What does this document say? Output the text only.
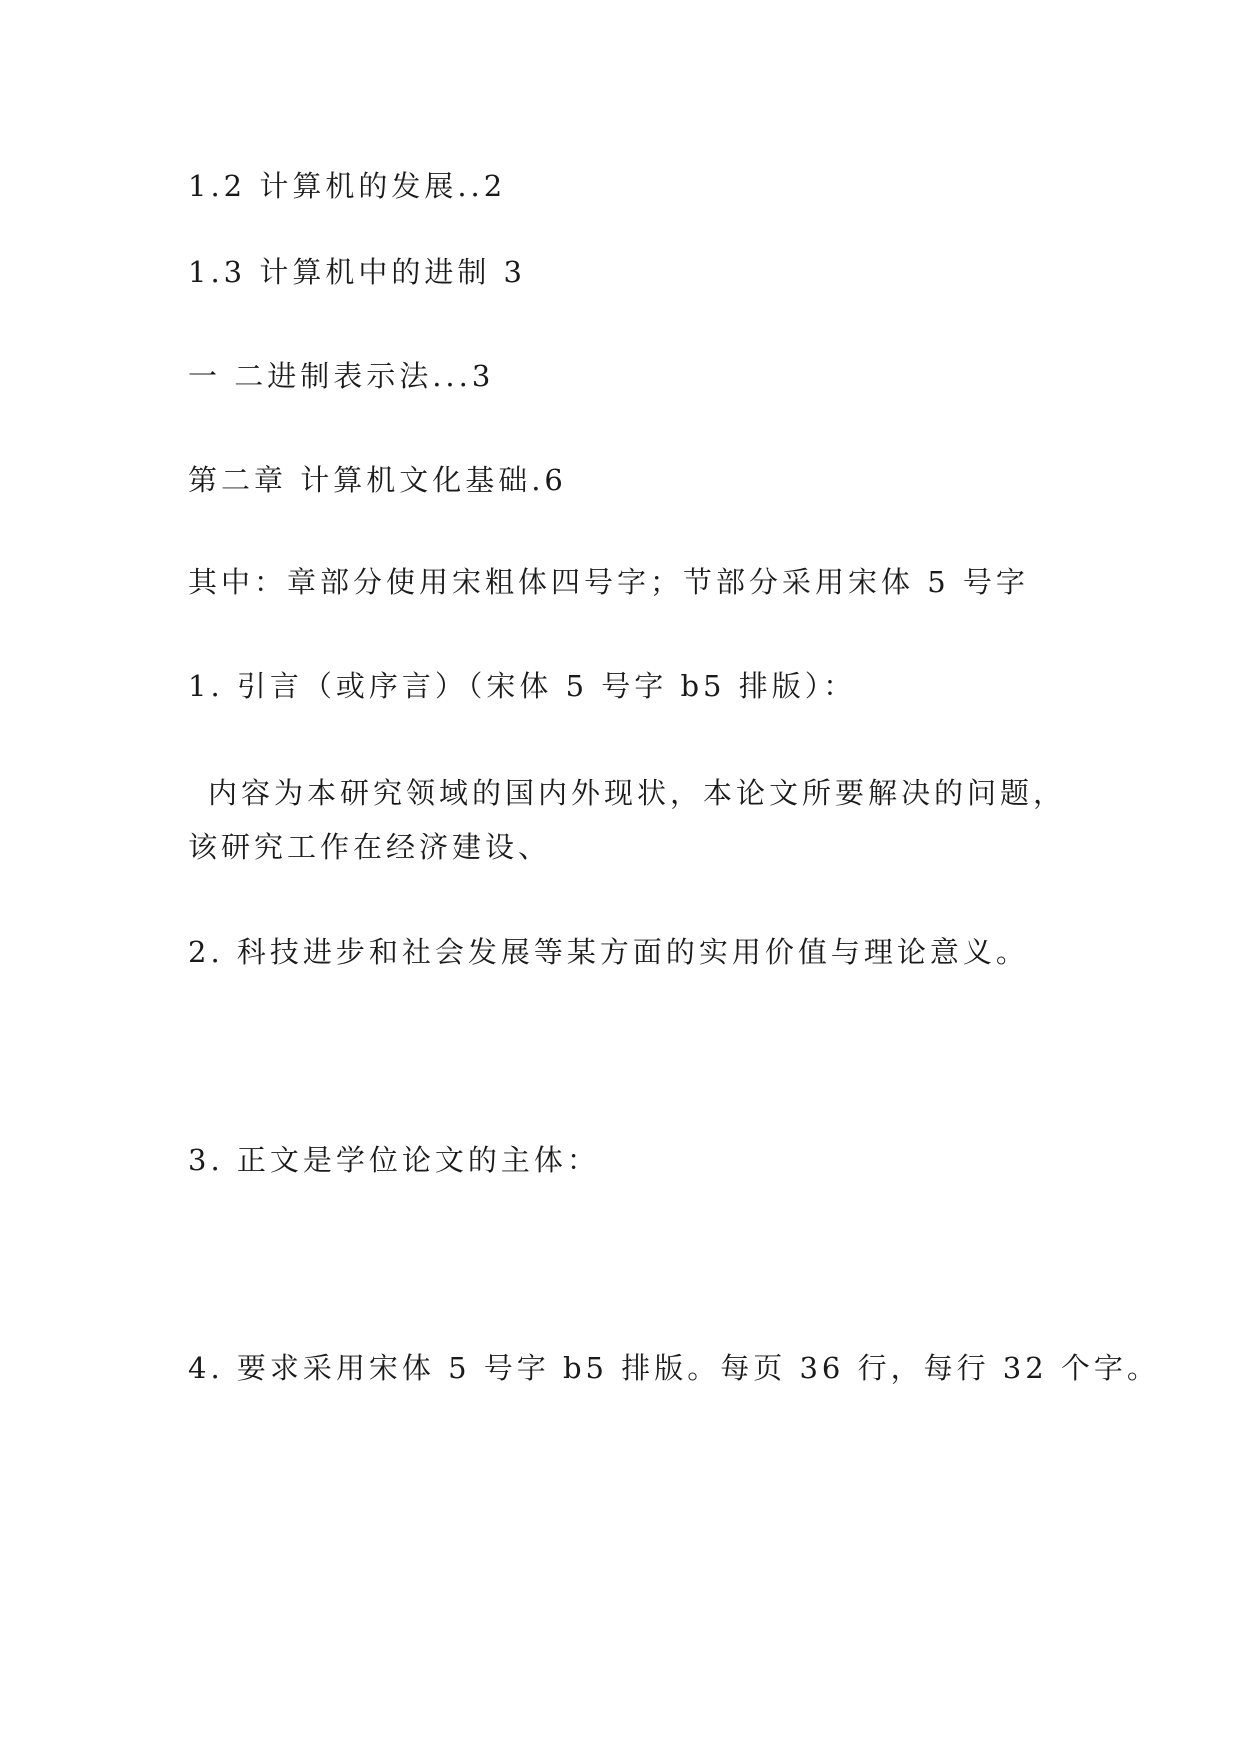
1.2 计算机的发展..2
1.3 计算机中的进制 3
一 二进制表示法...3
第二章 计算机文化基础.6
其中：章部分使用宋粗体四号字；节部分采用宋体 5 号字
1. 引言（或序言）（宋体 5 号字 b5 排版）：
内容为本研究领域的国内外现状，本论文所要解决的问题，
该研究工作在经济建设、
2. 科技进步和社会发展等某方面的实用价值与理论意义。
3. 正文是学位论文的主体：
4. 要求采用宋体 5 号字 b5 排版。每页 36 行，每行 32 个字。
